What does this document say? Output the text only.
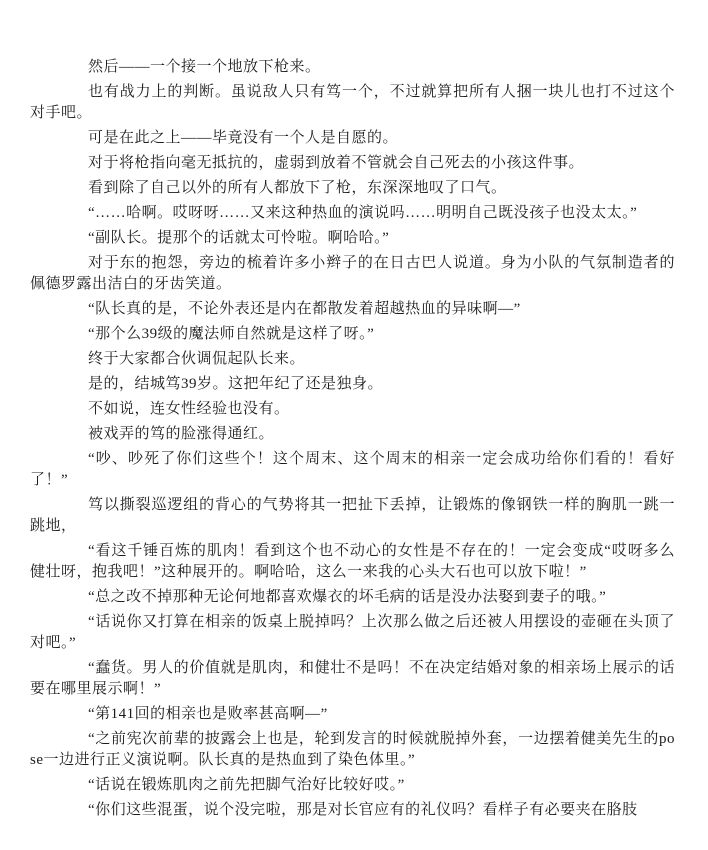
然后——一个接一个地放下枪来。

也有战力上的判断。虽说敌人只有笃一个，不过就算把所有人捆一块儿也打不过这个对手吧。

可是在此之上——毕竟没有一个人是自愿的。

对于将枪指向毫无抵抗的，虚弱到放着不管就会自己死去的小孩这件事。

看到除了自己以外的所有人都放下了枪，东深深地叹了口气。

“……哈啊。哎呀呀……又来这种热血的演说吗……明明自己既没孩子也没太太。”

“副队长。提那个的话就太可怜啦。啊哈哈。”

对于东的抱怨，旁边的梳着许多小辫子的在日古巴人说道。身为小队的气氛制造者的佩德罗露出洁白的牙齿笑道。

“队长真的是，不论外表还是内在都散发着超越热血的异味啊—”

“那个么39级的魔法师自然就是这样了呀。”

终于大家都合伙调侃起队长来。

是的，结城笃39岁。这把年纪了还是独身。

不如说，连女性经验也没有。

被戏弄的笃的脸涨得通红。

“吵、吵死了你们这些个！这个周末、这个周末的相亲一定会成功给你们看的！看好了！”

笃以撕裂巡逻组的背心的气势将其一把扯下丢掉，让锻炼的像钢铁一样的胸肌一跳一跳地，

“看这千锤百炼的肌肉！看到这个也不动心的女性是不存在的！一定会变成“哎呀多么健壮呀，抱我吧！”这种展开的。啊哈哈，这么一来我的心头大石也可以放下啦！”

“总之改不掉那种无论何地都喜欢爆衣的坏毛病的话是没办法娶到妻子的哦。”

“话说你又打算在相亲的饭桌上脱掉吗？上次那么做之后还被人用摆设的壶砸在头顶了对吧。”

“蠢货。男人的价值就是肌肉，和健壮不是吗！不在决定结婚对象的相亲场上展示的话要在哪里展示啊！”

“第141回的相亲也是败率甚高啊—”

“之前宪次前辈的披露会上也是，轮到发言的时候就脱掉外套，一边摆着健美先生的pose一边进行正义演说啊。队长真的是热血到了染色体里。”

“话说在锻炼肌肉之前先把脚气治好比较好哎。”

“你们这些混蛋，说个没完啦，那是对长官应有的礼仪吗？看样子有必要夹在胳肢
